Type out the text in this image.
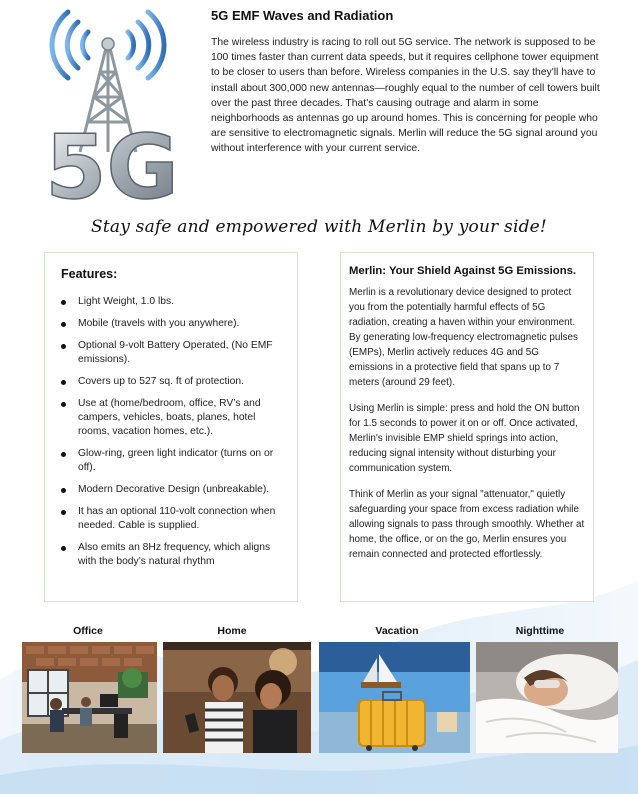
5G
5G EMF Waves and Radiation

The wireless industry is racing to roll out 5G service. The network is supposed to be 100 times faster than current data speeds, but it requires cellphone tower equipment to be closer to users than before. Wireless companies in the U.S. say they'll have to install about 300,000 new antennas—roughly equal to the number of cell towers built over the past three decades. That's causing outrage and alarm in some neighborhoods as antennas go up around homes. This is concerning for people who are sensitive to electromagnetic signals. Merlin will reduce the 5G signal around you without interference with your current service.

Stay safe and empowered with Merlin by your side!
Features:
Light Weight, 1.0 lbs.
Mobile (travels with you anywhere).
Optional 9-volt Battery Operated, (No EMF emissions).
Covers up to 527 sq. ft of protection.
Use at (home/bedroom, office, RV’s and campers, vehicles, boats, planes, hotel rooms, vacation homes, etc.).
Glow-ring, green light indicator (turns on or off).
Modern Decorative Design (unbreakable).
It has an optional 110-volt connection when needed. Cable is supplied.
Also emits an 8Hz frequency, which aligns with the body’s natural rhythm
Merlin: Your Shield Against 5G Emissions.

Merlin is a revolutionary device designed to protect you from the potentially harmful effects of 5G radiation, creating a haven within your environment. By generating low-frequency electromagnetic pulses (EMPs), Merlin actively reduces 4G and 5G emissions in a protective field that spans up to 7 meters (around 29 feet).

Using Merlin is simple: press and hold the ON button for 1.5 seconds to power it on or off. Once activated, Merlin's invisible EMP shield springs into action, reducing signal intensity without disturbing your communication system.

Think of Merlin as your signal "attenuator," quietly safeguarding your space from excess radiation while allowing signals to pass through smoothly. Whether at home, the office, or on the go, Merlin ensures you remain connected and protected effortlessly.

Office	Home	Vacation	Nighttime
